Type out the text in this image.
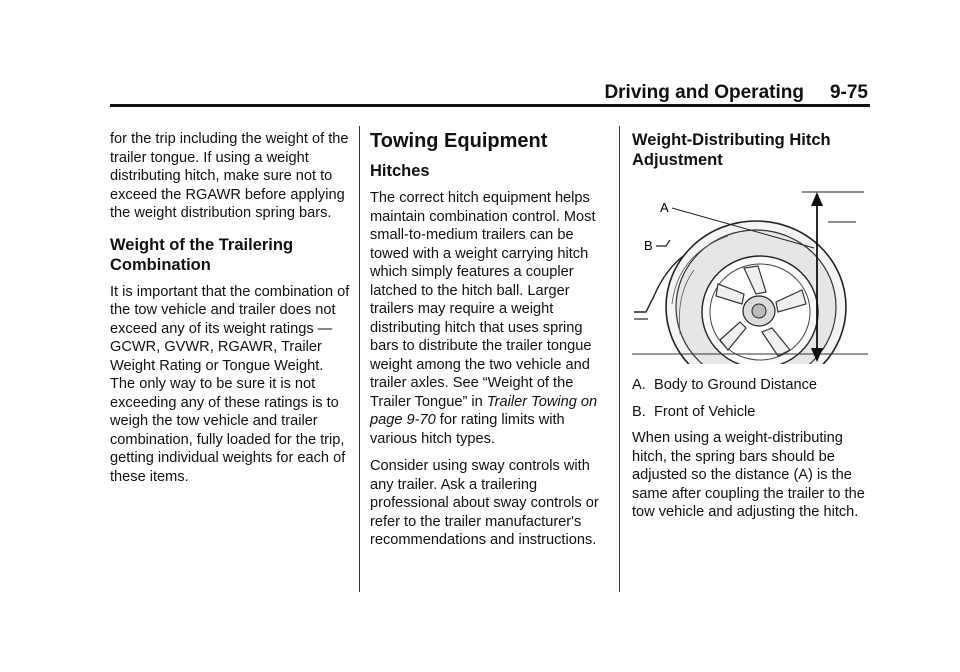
Driving and Operating 9-75

for the trip including the weight of the trailer tongue. If using a weight distributing hitch, make sure not to exceed the RGAWR before applying the weight distribution spring bars.

Weight of the Trailering Combination

It is important that the combination of the tow vehicle and trailer does not exceed any of its weight ratings — GCWR, GVWR, RGAWR, Trailer Weight Rating or Tongue Weight. The only way to be sure it is not exceeding any of these ratings is to weigh the tow vehicle and trailer combination, fully loaded for the trip, getting individual weights for each of these items.

Towing Equipment
Hitches

The correct hitch equipment helps maintain combination control. Most small-to-medium trailers can be towed with a weight carrying hitch which simply features a coupler latched to the hitch ball. Larger trailers may require a weight distributing hitch that uses spring bars to distribute the trailer tongue weight among the two vehicle and trailer axles. See “Weight of the Trailer Tongue” in Trailer Towing on page 9-70 for rating limits with various hitch types.

Consider using sway controls with any trailer. Ask a trailering professional about sway controls or refer to the trailer manufacturer's recommendations and instructions.

Weight-Distributing Hitch Adjustment
A
B

A. Body to Ground Distance

B. Front of Vehicle

When using a weight-distributing hitch, the spring bars should be adjusted so the distance (A) is the same after coupling the trailer to the tow vehicle and adjusting the hitch.
